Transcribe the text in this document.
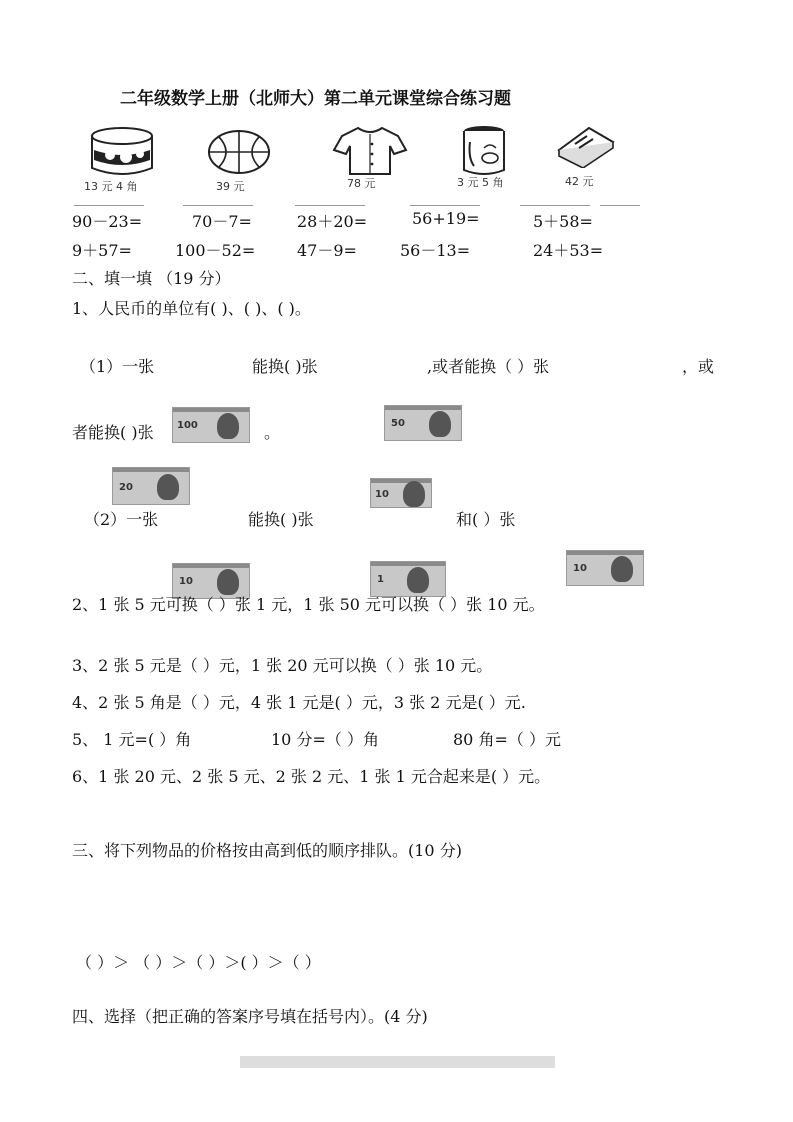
二年级数学上册（北师大）第二单元课堂综合练习题
13 元 4 角	39 元	78 元	3 元 5 角	42 元
90－23=	70－7=	28＋20=	56+19=	5＋58=
9＋57=	100－52=	47－9=	56－13=	24＋53=
二、填一填 （19 分）
1、人民币的单位有( )、( )、( )。
（1）一张	能换( )张	,或者能换（ ）张	，或
者能换( )张	。
100	50
20
10
（2）一张	能换( )张	和( ）张
10	1
10
2、1 张 5 元可换（ ）张 1 元，1 张 50 元可以换（ ）张 10 元。
3、2 张 5 元是（ ）元，1 张 20 元可以换（ ）张 10 元。
4、2 张 5 角是（ ）元，4 张 1 元是( ）元，3 张 2 元是( ）元.
5、 1 元=( ）角	10 分=（ ）角	80 角=（ ）元
6、1 张 20 元、2 张 5 元、2 张 2 元、1 张 1 元合起来是( ）元。
三、将下列物品的价格按由高到低的顺序排队。(10 分)
（ ）＞ （ ）＞（ ）＞( ）＞（ ）
四、选择（把正确的答案序号填在括号内）。(4 分)
